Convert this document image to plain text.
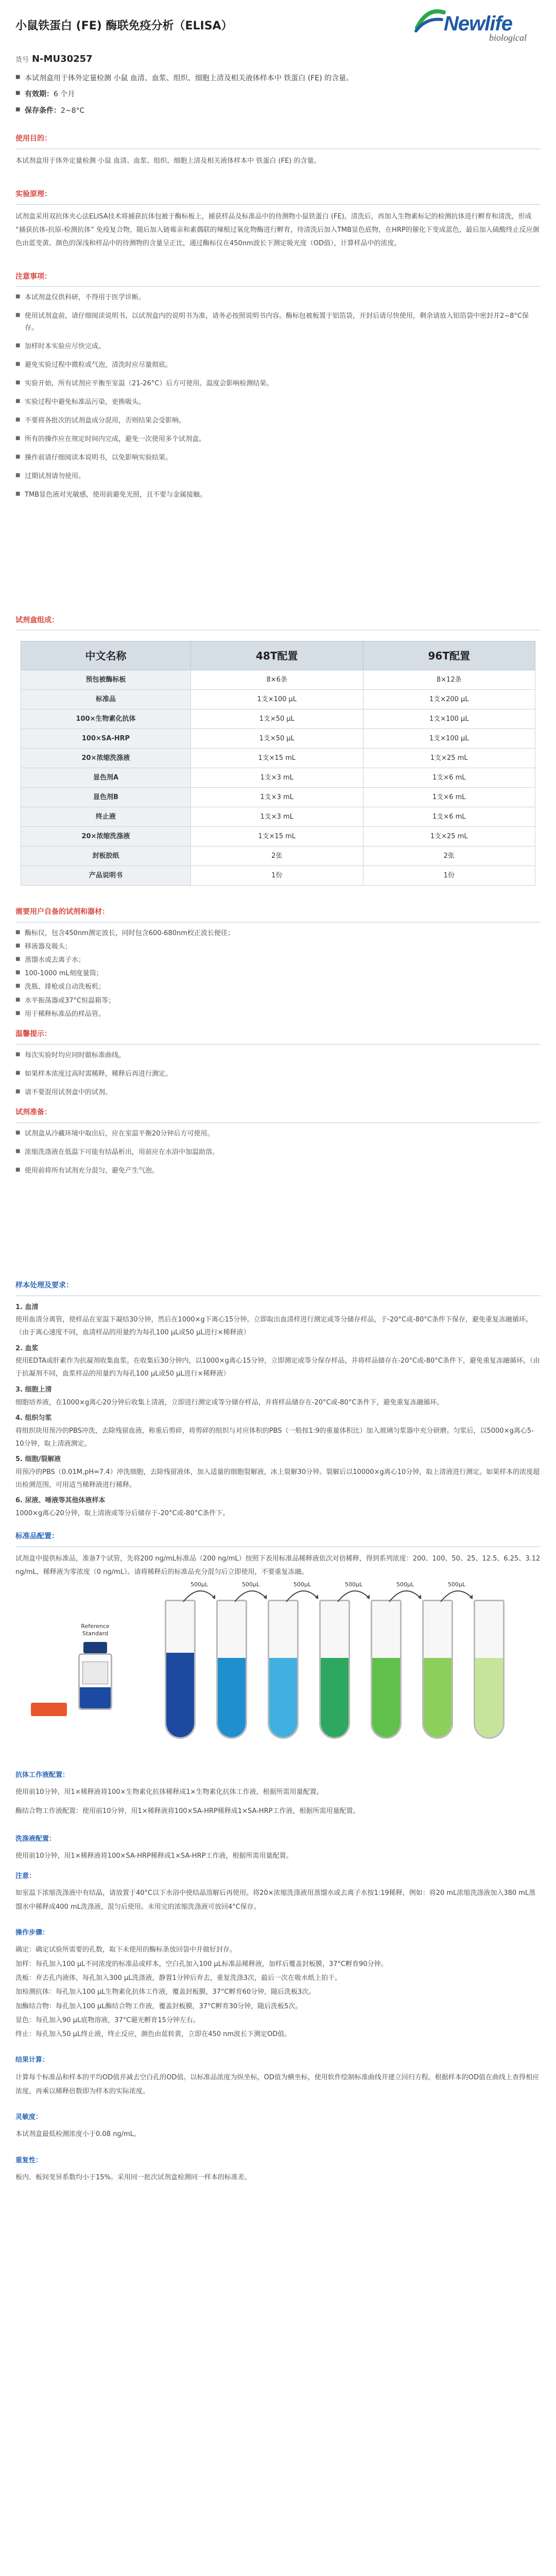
小鼠铁蛋白 (FE) 酶联免疫分析（ELISA）	Newlife
biological
货号 N-MU30257
■ 本试剂盒用于体外定量检测 小鼠 血清、血浆、组织、细胞上清及相关液体样本中 铁蛋白 (FE) 的含量。
■ 有效期：6 个月
■ 保存条件：2~8°C
使用目的：
本试剂盒用于体外定量检测 小鼠 血清、血浆、组织、细胞上清及相关液体样本中 铁蛋白 (FE) 的含量。
实验原理：
试剂盒采用双抗体夹心法ELISA技术将捕获抗体包被于酶标板上，捕获样品及标准品中的待测物小鼠铁蛋白 (FE)，清洗后，再加入生物素标记的检测抗体进行孵育和清洗，形成 “捕获抗体-抗原-检测抗体” 免疫复合物，随后加入链霉亲和素偶联的辣根过氧化物酶进行孵育，待清洗后加入TMB显色底物，在HRP的催化下变成蓝色，最后加入硫酸终止反应颜色由蓝变黄。颜色的深浅和样品中的待测物的含量呈正比，通过酶标仪在450nm波长下测定吸光度（OD值），计算样品中的浓度。
注意事项：
■ 本试剂盒仅供科研，不得用于医学诊断。
■ 使用试剂盒前，请仔细阅读说明书，以试剂盒内的说明书为准，请务必按照说明书内容。酶标包被板置于铝箔袋，开封后请尽快使用，剩余请放入铝箔袋中密封并2~8°C保存。
■ 加样时本实验应尽快完成。
■ 避免实验过程中微粒或气泡，清洗时应尽量彻底。
■ 实验开始，所有试剂应平衡至室温（21-26°C）后方可使用。温度会影响检测结果。
■ 实验过程中避免标准品污染，更换吸头。
■ 不要将各批次的试剂盒成分混用，否则结果会受影响。
■ 所有的操作应在规定时间内完成，避免一次使用多个试剂盒。
■ 操作前请仔细阅读本说明书，以免影响实验结果。
■ 过期试剂请勿使用。
■ TMB显色液对光敏感，使用前避免光照，且不要与金属接触。
试剂盒组成：
中文名称	48T配置	96T配置
预包被酶标板	8×6条	8×12条
标准品	1支×100 μL	1支×200 μL
100×生物素化抗体	1支×50 μL	1支×100 μL
100×SA-HRP	1支×50 μL	1支×100 μL
20×浓缩洗涤液	1支×15 mL	1支×25 mL
显色剂A	1支×3 mL	1支×6 mL
显色剂B	1支×3 mL	1支×6 mL
终止液	1支×3 mL	1支×6 mL
20×浓缩洗涤液	1支×15 mL	1支×25 mL
封板胶纸	2张	2张
产品说明书	1份	1份
需要用户自备的试剂和器材：
■ 酶标仪，包含450nm测定波长，同时包含600-680nm校正波长便佳；
■ 移液器及吸头；
■ 蒸馏水或去离子水；
■ 100-1000 mL刻度量筒；
■ 洗瓶、排枪或自动洗板机；
■ 水平振荡器或37°C恒温箱等；
■ 用于稀释标准品的样品管。
温馨提示：
■ 每次实验时均应同时做标准曲线。
■ 如果样本浓度过高时需稀释，稀释后再进行测定。
■ 请不要混用试剂盒中的试剂。
试剂准备：
■ 试剂盒从冷藏环境中取出后，应在室温平衡20分钟后方可使用。
■ 浓缩洗涤液在低温下可能有结晶析出，用前应在水浴中加温助溶。
■ 使用前将所有试剂充分混匀，避免产生气泡。
样本处理及要求：
1. 血清
使用血清分离管，使样品在室温下凝结30分钟，然后在1000×g下离心15分钟。立即取出血清样进行测定或等分储存样品，于-20°C或-80°C条件下保存，避免重复冻融循环。（由于离心速度不同，血清样品的用量约为每孔100 μL或50 μL进行×稀释液）
2. 血浆
使用EDTA或肝素作为抗凝剂收集血浆。在收集后30分钟内，以1000×g离心15分钟，立即测定或等分保存样品，并将样品储存在-20°C或-80°C条件下，避免重复冻融循环。（由于抗凝剂不同，血浆样品的用量约为每孔100 μL或50 μL进行×稀释液）
3. 细胞上清
细胞培养液，在1000×g离心20分钟后收集上清液，立即进行测定或等分储存样品，并将样品储存在-20°C或-80°C条件下，避免重复冻融循环。
4. 组织匀浆
将组织块用预冷的PBS冲洗，去除残留血液，称重后剪碎，将剪碎的组织与对应体积的PBS（一般按1:9的重量体积比）加入玻璃匀浆器中充分研磨。匀浆后，以5000×g离心5-10分钟，取上清液测定。
5. 细胞/裂解液
用预冷的PBS（0.01M,pH=7.4）冲洗细胞，去除残留液体，加入适量的细胞裂解液，冰上裂解30分钟。裂解后以10000×g离心10分钟，取上清液进行测定。如果样本的浓度超出检测范围，可用适当稀释液进行稀释。
6. 尿液、唾液等其他体液样本
1000×g离心20分钟，取上清液或等分后储存于-20°C或-80°C条件下。
标准品配置：
试剂盒中提供标准品，准备7个试管，先将200 ng/mL标准品（200 ng/mL）按照下表用标准品稀释液依次对倍稀释，得到系列浓度：200、100、50、25、12.5、6.25、3.12 ng/mL，稀释液为零浓度（0 ng/mL）。请将稀释后的标准品充分混匀后立即使用，不要重复冻融。
Reference
Standard
500μL	500μL	500μL	500μL	500μL	500μL
抗体工作液配置：
使用前10分钟，用1×稀释液将100×生物素化抗体稀释成1×生物素化抗体工作液，根据所需用量配置。
酶结合物工作液配置：使用前10分钟，用1×稀释液将100×SA-HRP稀释成1×SA-HRP工作液，根据所需用量配置。
洗涤液配置：
使用前10分钟，用1×稀释液将100×SA-HRP稀释成1×SA-HRP工作液，根据所需用量配置。
注意：
如室温下浓缩洗涤液中有结晶，请放置于40°C以下水浴中使结晶溶解后再使用。将20×浓缩洗涤液用蒸馏水或去离子水按1:19稀释，例如：将20 mL浓缩洗涤液加入380 mL蒸馏水中稀释成400 mL洗涤液，混匀后使用。未用完的浓缩洗涤液可放回4°C保存。
操作步骤：
确定：确定试验所需要的孔数，取下未使用的酶标条放回袋中并做好封存。
加样：每孔加入100 μL不同浓度的标准品或样本，空白孔加入100 μL标准品稀释液，加样后覆盖封板膜，37°C孵育90分钟。
洗板：弃去孔内液体，每孔加入300 μL洗涤液，静置1分钟后弃去，重复洗涤3次，最后一次在吸水纸上拍干。
加检测抗体：每孔加入100 μL生物素化抗体工作液，覆盖封板膜，37°C孵育60分钟，随后洗板3次。
加酶结合物：每孔加入100 μL酶结合物工作液，覆盖封板膜，37°C孵育30分钟，随后洗板5次。
显色：每孔加入90 μL底物溶液，37°C避光孵育15分钟左右。
终止：每孔加入50 μL终止液，终止反应，颜色由蓝转黄，立即在450 nm波长下测定OD值。
结果计算：
计算每个标准品和样本的平均OD值并减去空白孔的OD值。以标准品浓度为纵坐标，OD值为横坐标，使用软件绘制标准曲线并建立回归方程。根据样本的OD值在曲线上查得相应浓度，再乘以稀释倍数即为样本的实际浓度。
灵敏度：
本试剂盒最低检测浓度小于0.08 ng/mL。
重复性：
板内、板间变异系数均小于15%。采用同一批次试剂盒检测同一样本的标准差。
